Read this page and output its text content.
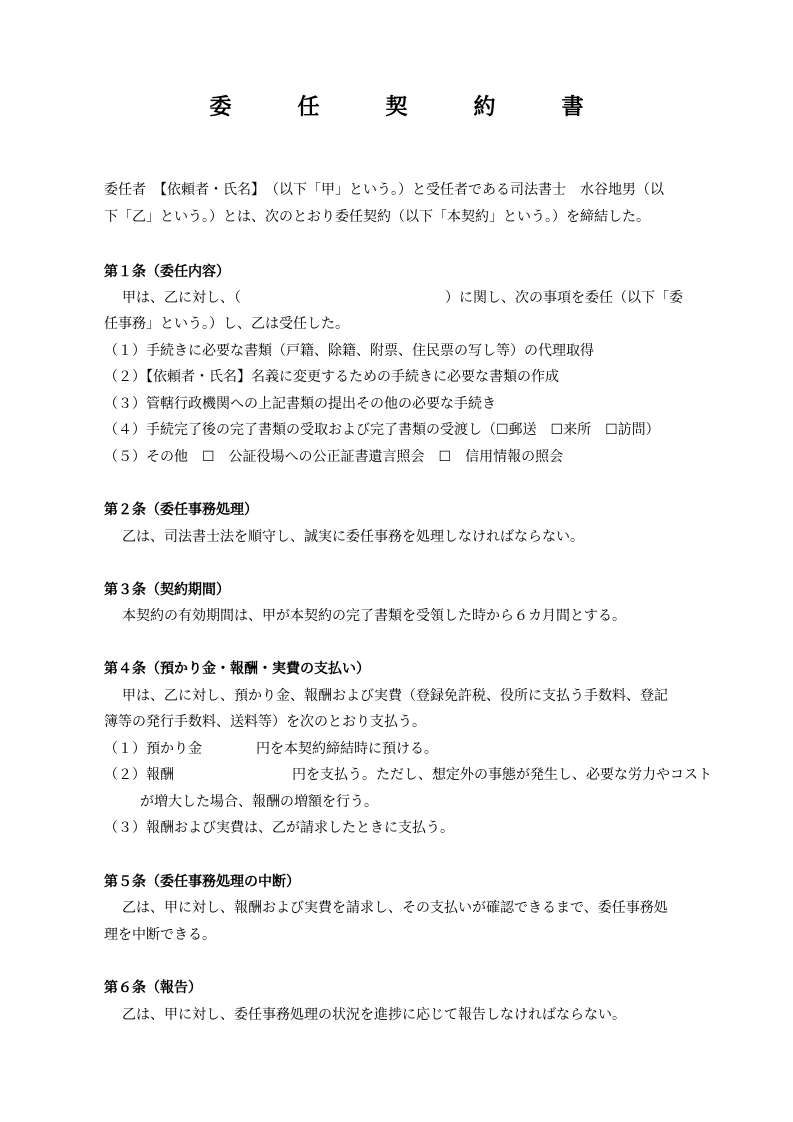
委　任　契　約　書
委任者　【依頼者・氏名】　（以下「甲」という。）と受任者である司法書士　水谷地男（以
下「乙」という。）とは、次のとおり委任契約（以下「本契約」という。）を締結した。
第１条（委任内容）
甲は、乙に対し、（	）に関し、次の事項を委任（以下「委
任事務」という。）し、乙は受任した。
（１）手続きに必要な書類（戸籍、除籍、附票、住民票の写し等）の代理取得
（２）【依頼者・氏名】名義に変更するための手続きに必要な書類の作成
（３）管轄行政機関への上記書類の提出その他の必要な手続き
（４）手続完了後の完了書類の受取および完了書類の受渡し（☐郵送　☐来所　☐訪問）
（５）その他　☐　公証役場への公正証書遺言照会　☐　信用情報の照会
第２条（委任事務処理）
乙は、司法書士法を順守し、誠実に委任事務を処理しなければならない。
第３条（契約期間）
本契約の有効期間は、甲が本契約の完了書類を受領した時から６カ月間とする。
第４条（預かり金・報酬・実費の支払い）
甲は、乙に対し、預かり金、報酬および実費（登録免許税、役所に支払う手数料、登記
簿等の発行手数料、送料等）を次のとおり支払う。
（１）預かり金	円を本契約締結時に預ける。
（２）報酬	円を支払う。ただし、想定外の事態が発生し、必要な労力やコスト
が増大した場合、報酬の増額を行う。
（３）報酬および実費は、乙が請求したときに支払う。
第５条（委任事務処理の中断）
乙は、甲に対し、報酬および実費を請求し、その支払いが確認できるまで、委任事務処
理を中断できる。
第６条（報告）
乙は、甲に対し、委任事務処理の状況を進捗に応じて報告しなければならない。
